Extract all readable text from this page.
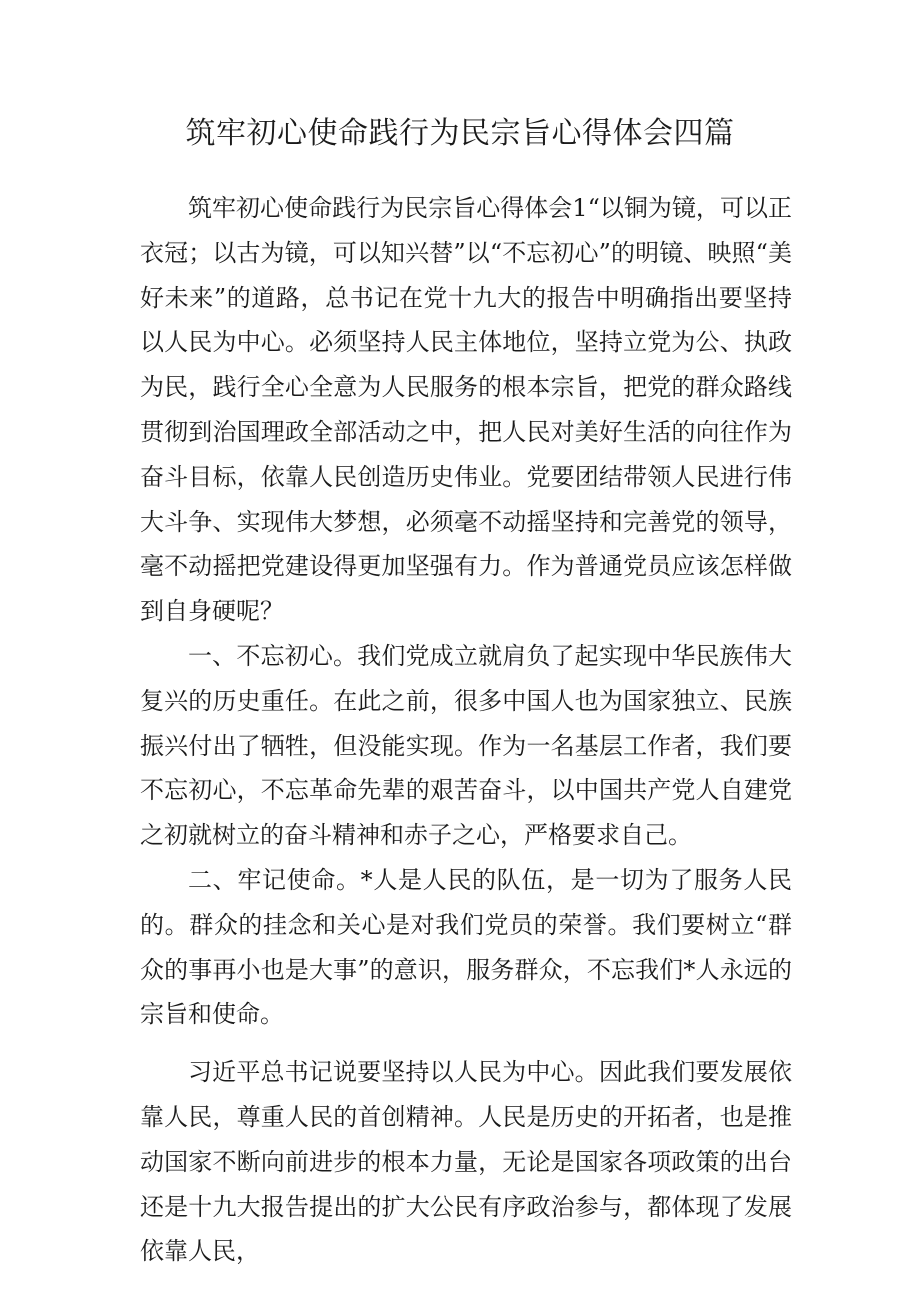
筑牢初心使命践行为民宗旨心得体会四篇

筑牢初心使命践行为民宗旨心得体会1“以铜为镜，可以正衣冠；以古为镜，可以知兴替”以“不忘初心”的明镜、映照“美好未来”的道路，总书记在党十九大的报告中明确指出要坚持以人民为中心。必须坚持人民主体地位，坚持立党为公、执政为民，践行全心全意为人民服务的根本宗旨，把党的群众路线贯彻到治国理政全部活动之中，把人民对美好生活的向往作为奋斗目标，依靠人民创造历史伟业。党要团结带领人民进行伟大斗争、实现伟大梦想，必须毫不动摇坚持和完善党的领导，毫不动摇把党建设得更加坚强有力。作为普通党员应该怎样做到自身硬呢？

一、不忘初心。我们党成立就肩负了起实现中华民族伟大复兴的历史重任。在此之前，很多中国人也为国家独立、民族振兴付出了牺牲，但没能实现。作为一名基层工作者，我们要不忘初心，不忘革命先辈的艰苦奋斗，以中国共产党人自建党之初就树立的奋斗精神和赤子之心，严格要求自己。

二、牢记使命。*人是人民的队伍，是一切为了服务人民的。群众的挂念和关心是对我们党员的荣誉。我们要树立“群众的事再小也是大事”的意识，服务群众，不忘我们*人永远的宗旨和使命。

习近平总书记说要坚持以人民为中心。因此我们要发展依靠人民，尊重人民的首创精神。人民是历史的开拓者，也是推动国家不断向前进步的根本力量，无论是国家各项政策的出台还是十九大报告提出的扩大公民有序政治参与，都体现了发展依靠人民，
